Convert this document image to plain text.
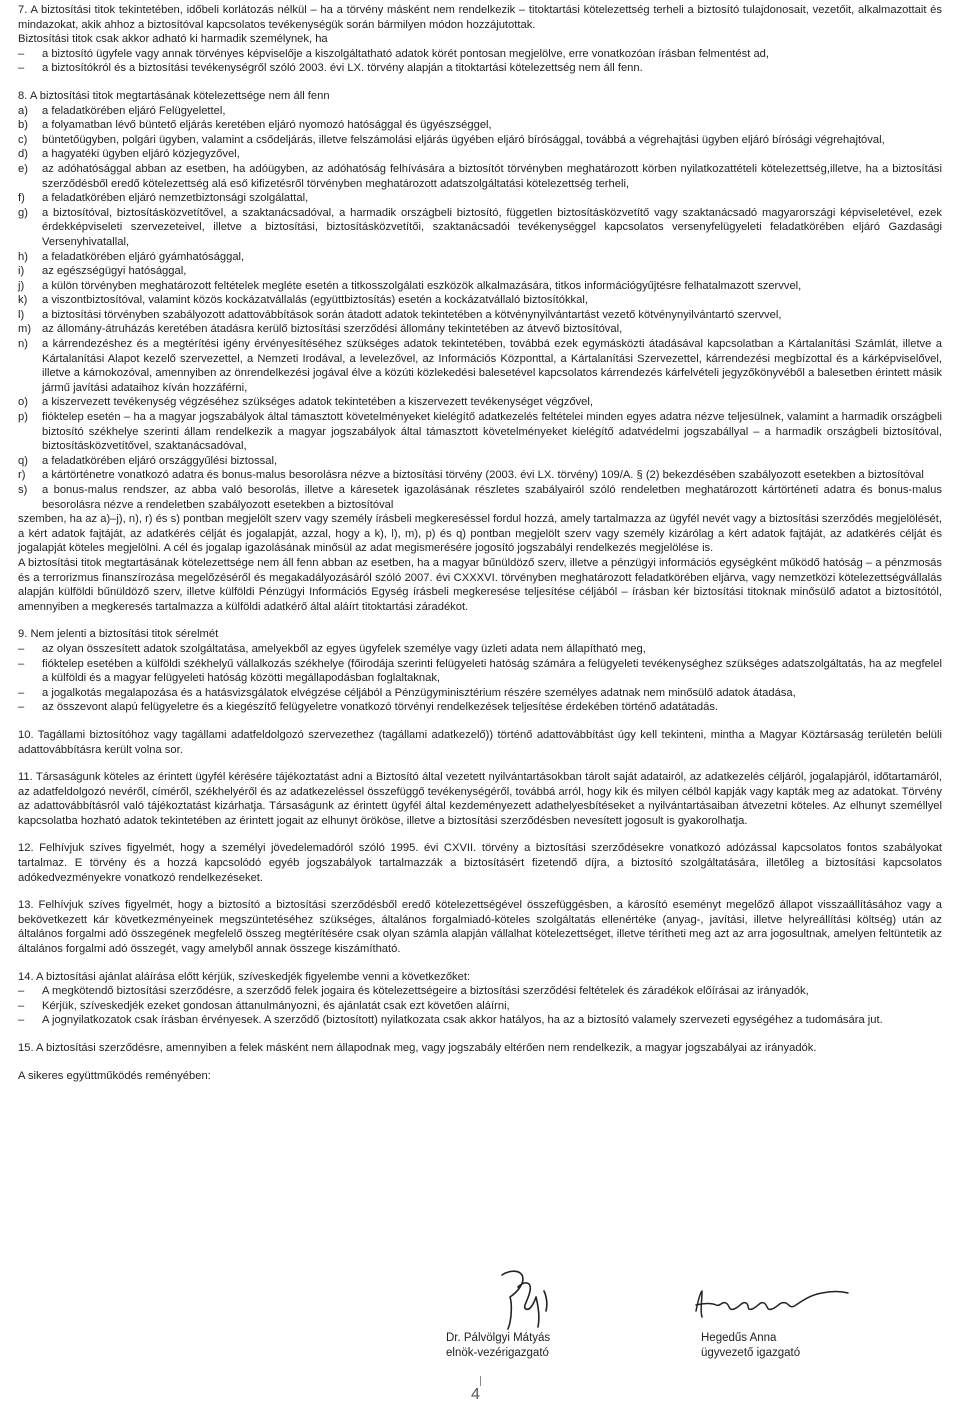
7. A biztosítási titok tekintetében, időbeli korlátozás nélkül – ha a törvény másként nem rendelkezik – titoktartási kötelezettség terheli a biztosító tulajdonosait, vezetőit, alkalmazottait és mindazokat, akik ahhoz a biztosítóval kapcsolatos tevékenységük során bármilyen módon hozzájutottak.

Biztosítási titok csak akkor adható ki harmadik személynek, ha

– a biztosító ügyfele vagy annak törvényes képviselője a kiszolgáltatható adatok körét pontosan megjelölve, erre vonatkozóan írásban felmentést ad,

– a biztosítókról és a biztosítási tevékenységről szóló 2003. évi LX. törvény alapján a titoktartási kötelezettség nem áll fenn.

8. A biztosítási titok megtartásának kötelezettsége nem áll fenn

a) a feladatkörében eljáró Felügyelettel,

b) a folyamatban lévő büntető eljárás keretében eljáró nyomozó hatósággal és ügyészséggel,

c) büntetőügyben, polgári ügyben, valamint a csődeljárás, illetve felszámolási eljárás ügyében eljáró bírósággal, továbbá a végrehajtási ügyben eljáró bírósági végrehajtóval,

d) a hagyatéki ügyben eljáró közjegyzővel,

e) az adóhatósággal abban az esetben, ha adóügyben, az adóhatóság felhívására a biztosítót törvényben meghatározott körben nyilatkozattételi kötelezettség,illetve, ha a biztosítási szerződésből eredő kötelezettség alá eső kifizetésről törvényben meghatározott adatszolgáltatási kötelezettség terheli,

f) a feladatkörében eljáró nemzetbiztonsági szolgálattal,

g) a biztosítóval, biztosításközvetítővel, a szaktanácsadóval, a harmadik országbeli biztosító, független biztosításközvetítő vagy szaktanácsadó magyarországi képviseletével, ezek érdekképviseleti szervezeteivel, illetve a biztosítási, biztosításközvetítői, szaktanácsadói tevékenységgel kapcsolatos versenyfelügyeleti feladatkörében eljáró Gazdasági Versenyhivatallal,

h) a feladatkörében eljáró gyámhatósággal,

i) az egészségügyi hatósággal,

j) a külön törvényben meghatározott feltételek megléte esetén a titkosszolgálati eszközök alkalmazására, titkos információgyűjtésre felhatalmazott szervvel,

k) a viszontbiztosítóval, valamint közös kockázatvállalás (együttbiztosítás) esetén a kockázatvállaló biztosítókkal,

l) a biztosítási törvényben szabályozott adattovábbítások során átadott adatok tekintetében a kötvénynyilvántartást vezető kötvénynyilvántartó szervvel,

m) az állomány-átruházás keretében átadásra kerülő biztosítási szerződési állomány tekintetében az átvevő biztosítóval,

n) a kárrendezéshez és a megtérítési igény érvényesítéséhez szükséges adatok tekintetében, továbbá ezek egymásközti átadásával kapcsolatban a Kártalanítási Számlát, illetve a Kártalanítási Alapot kezelő szervezettel, a Nemzeti Irodával, a levelezővel, az Információs Központtal, a Kártalanítási Szervezettel, kárrendezési megbízottal és a kárképviselővel, illetve a kárnokozóval, amennyiben az önrendelkezési jogával élve a közúti közlekedési balesetével kapcsolatos kárrendezés kárfelvételi jegyzőkönyvéből a balesetben érintett másik jármű javítási adataihoz kíván hozzáférni,

o) a kiszervezett tevékenység végzéséhez szükséges adatok tekintetében a kiszervezett tevékenységet végzővel,

p) fióktelep esetén – ha a magyar jogszabályok által támasztott követelményeket kielégítő adatkezelés feltételei minden egyes adatra nézve teljesülnek, valamint a harmadik országbeli biztosító székhelye szerinti állam rendelkezik a magyar jogszabályok által támasztott követelményeket kielégítő adatvédelmi jogszabállyal – a harmadik országbeli biztosítóval, biztosításközvetítővel, szaktanácsadóval,

q) a feladatkörében eljáró országgyűlési biztossal,

r) a kártörténetre vonatkozó adatra és bonus-malus besorolásra nézve a biztosítási törvény (2003. évi LX. törvény) 109/A. § (2) bekezdésében szabályozott esetekben a biztosítóval

s) a bonus-malus rendszer, az abba való besorolás, illetve a káresetek igazolásának részletes szabályairól szóló rendeletben meghatározott kártörténeti adatra és bonus-malus besorolásra nézve a rendeletben szabályozott esetekben a biztosítóval

szemben, ha az a)–j), n), r) és s) pontban megjelölt szerv vagy személy írásbeli megkereséssel fordul hozzá, amely tartalmazza az ügyfél nevét vagy a biztosítási szerződés megjelölését, a kért adatok fajtáját, az adatkérés célját és jogalapját, azzal, hogy a k), l), m), p) és q) pontban megjelölt szerv vagy személy kizárólag a kért adatok fajtáját, az adatkérés célját és jogalapját köteles megjelölni. A cél és jogalap igazolásának minősül az adat megismerésére jogosító jogszabályi rendelkezés megjelölése is.

A biztosítási titok megtartásának kötelezettsége nem áll fenn abban az esetben, ha a magyar bűnüldöző szerv, illetve a pénzügyi információs egységként működő hatóság – a pénzmosás és a terrorizmus finanszírozása megelőzéséről és megakadályozásáról szóló 2007. évi CXXXVI. törvényben meghatározott feladatkörében eljárva, vagy nemzetközi kötelezettségvállalás alapján külföldi bűnüldöző szerv, illetve külföldi Pénzügyi Információs Egység írásbeli megkeresése teljesítése céljából – írásban kér biztosítási titoknak minősülő adatot a biztosítótól, amennyiben a megkeresés tartalmazza a külföldi adatkérő által aláírt titoktartási záradékot.

9. Nem jelenti a biztosítási titok sérelmét

– az olyan összesített adatok szolgáltatása, amelyekből az egyes ügyfelek személye vagy üzleti adata nem állapítható meg,

– fióktelep esetében a külföldi székhelyű vállalkozás székhelye (főirodája szerinti felügyeleti hatóság számára a felügyeleti tevékenységhez szükséges adatszolgáltatás, ha az megfelel a külföldi és a magyar felügyeleti hatóság közötti megállapodásban foglaltaknak,

– a jogalkotás megalapozása és a hatásvizsgálatok elvégzése céljából a Pénzügyminisztérium részére személyes adatnak nem minősülő adatok átadása,

– az összevont alapú felügyeletre és a kiegészítő felügyeletre vonatkozó törvényi rendelkezések teljesítése érdekében történő adatátadás.

10. Tagállami biztosítóhoz vagy tagállami adatfeldolgozó szervezethez (tagállami adatkezelő)) történő adattovábbítást úgy kell tekinteni, mintha a Magyar Köztársaság területén belüli adattovábbításra került volna sor.

11. Társaságunk köteles az érintett ügyfél kérésére tájékoztatást adni a Biztosító által vezetett nyilvántartásokban tárolt saját adatairól, az adatkezelés céljáról, jogalapjáról, időtartamáról, az adatfeldolgozó nevéről, címéről, székhelyéről és az adatkezeléssel összefüggő tevékenységéről, továbbá arról, hogy kik és milyen célból kapják vagy kapták meg az adatokat. Törvény az adattovábbításról való tájékoztatást kizárhatja. Társaságunk az érintett ügyfél által kezdeményezett adathelyesbítéseket a nyilvántartásaiban átvezetni köteles. Az elhunyt személlyel kapcsolatba hozható adatok tekintetében az érintett jogait az elhunyt örököse, illetve a biztosítási szerződésben nevesített jogosult is gyakorolhatja.

12. Felhívjuk szíves figyelmét, hogy a személyi jövedelemadóról szóló 1995. évi CXVII. törvény a biztosítási szerződésekre vonatkozó adózással kapcsolatos fontos szabályokat tartalmaz. E törvény és a hozzá kapcsolódó egyéb jogszabályok tartalmazzák a biztosításért fizetendő díjra, a biztosító szolgáltatására, illetőleg a biztosítási kapcsolatos adókedvezményekre vonatkozó rendelkezéseket.

13. Felhívjuk szíves figyelmét, hogy a biztosító a biztosítási szerződésből eredő kötelezettségével összefüggésben, a károsító eseményt megelőző állapot visszaállításához vagy a bekövetkezett kár következményeinek megszüntetéséhez szükséges, általános forgalmiadó-köteles szolgáltatás ellenértéke (anyag-, javítási, illetve helyreállítási költség) után az általános forgalmi adó összegének megfelelő összeg megtérítésére csak olyan számla alapján vállalhat kötelezettséget, illetve térítheti meg azt az arra jogosultnak, amelyen feltüntetik az általános forgalmi adó összegét, vagy amelyből annak összege kiszámítható.

14. A biztosítási ajánlat aláírása előtt kérjük, szíveskedjék figyelembe venni a következőket:

– A megkötendő biztosítási szerződésre, a szerződő felek jogaira és kötelezettségeire a biztosítási szerződési feltételek és záradékok előírásai az irányadók,

– Kérjük, szíveskedjék ezeket gondosan áttanulmányozni, és ajánlatát csak ezt követően aláírni,

– A jognyilatkozatok csak írásban érvényesek. A szerződő (biztosított) nyilatkozata csak akkor hatályos, ha az a biztosító valamely szervezeti egységéhez a tudomására jut.

15. A biztosítási szerződésre, amennyiben a felek másként nem állapodnak meg, vagy jogszabály eltérően nem rendelkezik, a magyar jogszabályai az irányadók.

A sikeres együttműködés reményében:

Dr. Pálvölgyi Mátyás
elnök-vezérigazgató
Hegedűs Anna
ügyvezető igazgató
4
